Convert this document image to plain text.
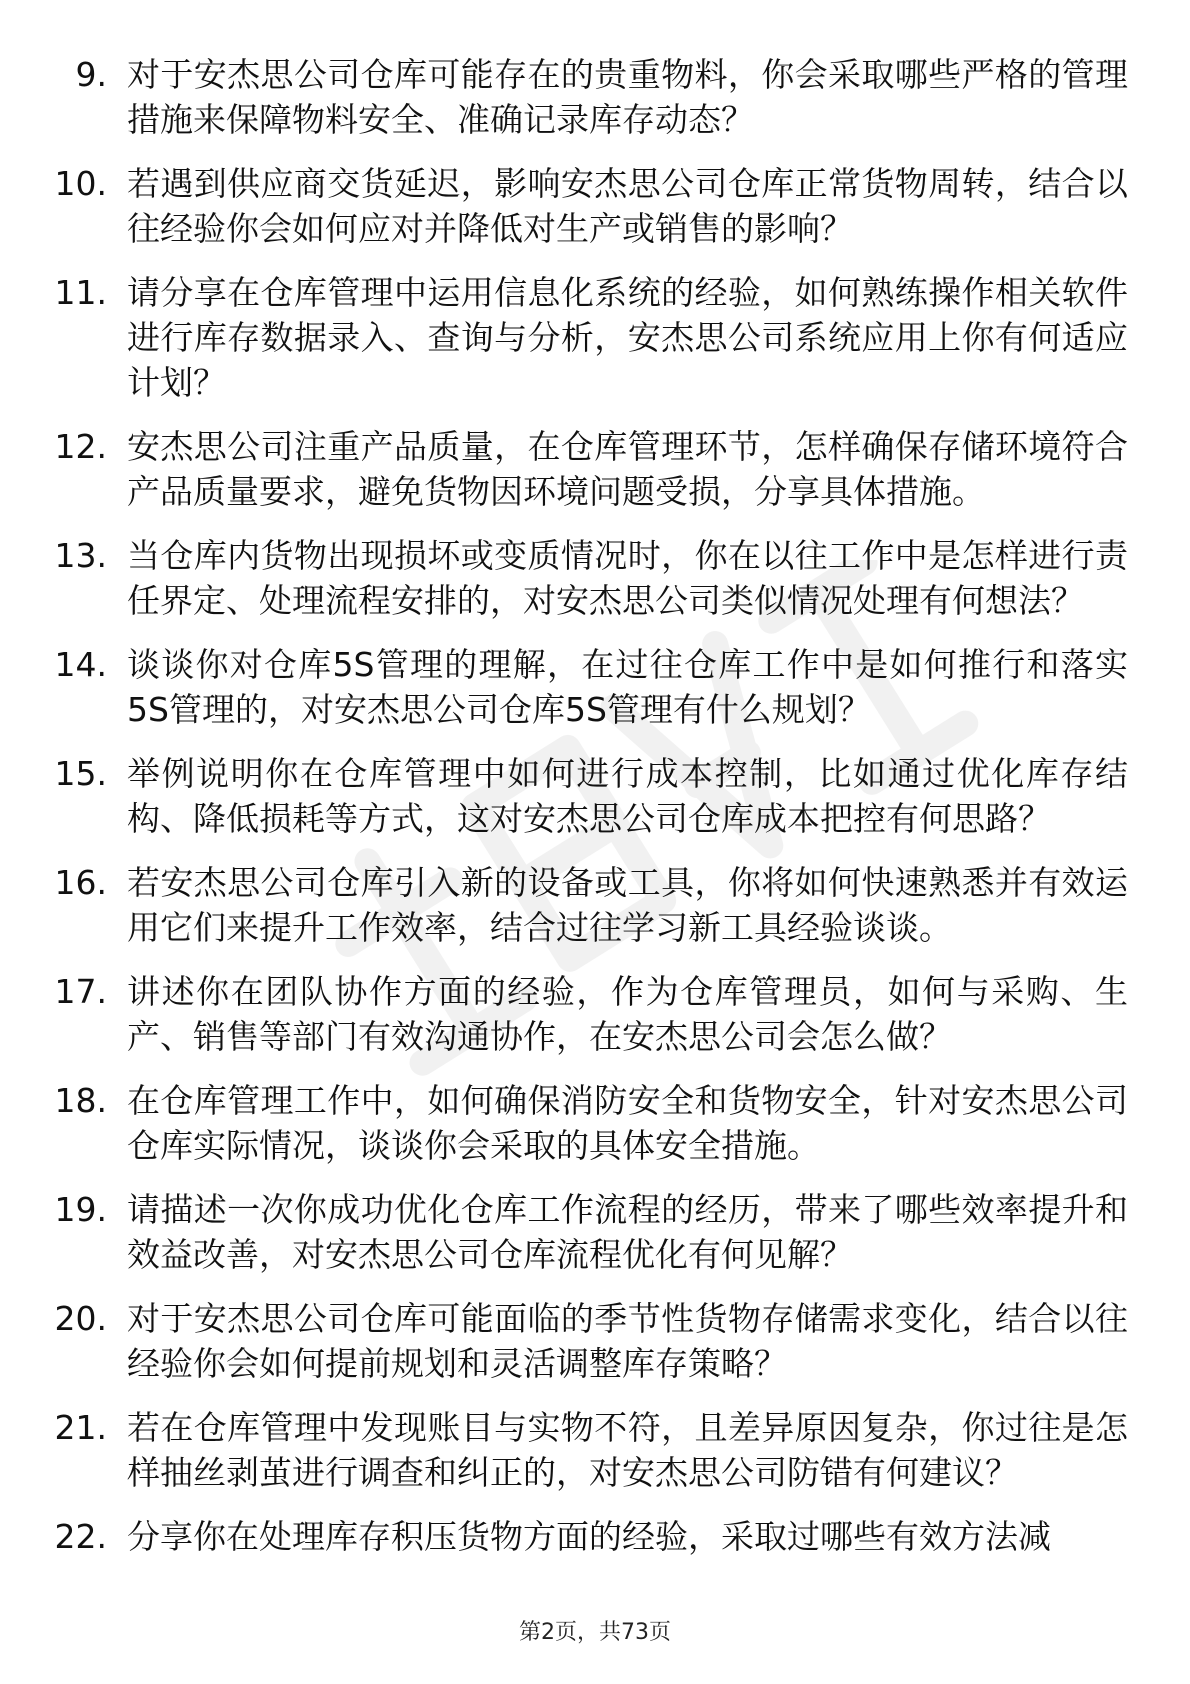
9. 对于安杰思公司仓库可能存在的贵重物料，你会采取哪些严格的管理措施来保障物料安全、准确记录库存动态？
10. 若遇到供应商交货延迟，影响安杰思公司仓库正常货物周转，结合以往经验你会如何应对并降低对生产或销售的影响？
11. 请分享在仓库管理中运用信息化系统的经验，如何熟练操作相关软件进行库存数据录入、查询与分析，安杰思公司系统应用上你有何适应计划？
12. 安杰思公司注重产品质量，在仓库管理环节，怎样确保存储环境符合产品质量要求，避免货物因环境问题受损，分享具体措施。
13. 当仓库内货物出现损坏或变质情况时，你在以往工作中是怎样进行责任界定、处理流程安排的，对安杰思公司类似情况处理有何想法？
14. 谈谈你对仓库5S管理的理解，在过往仓库工作中是如何推行和落实5S管理的，对安杰思公司仓库5S管理有什么规划？
15. 举例说明你在仓库管理中如何进行成本控制，比如通过优化库存结构、降低损耗等方式，这对安杰思公司仓库成本把控有何思路？
16. 若安杰思公司仓库引入新的设备或工具，你将如何快速熟悉并有效运用它们来提升工作效率，结合过往学习新工具经验谈谈。
17. 讲述你在团队协作方面的经验，作为仓库管理员，如何与采购、生产、销售等部门有效沟通协作，在安杰思公司会怎么做？
18. 在仓库管理工作中，如何确保消防安全和货物安全，针对安杰思公司仓库实际情况，谈谈你会采取的具体安全措施。
19. 请描述一次你成功优化仓库工作流程的经历，带来了哪些效率提升和效益改善，对安杰思公司仓库流程优化有何见解？
20. 对于安杰思公司仓库可能面临的季节性货物存储需求变化，结合以往经验你会如何提前规划和灵活调整库存策略？
21. 若在仓库管理中发现账目与实物不符，且差异原因复杂，你过往是怎样抽丝剥茧进行调查和纠正的，对安杰思公司防错有何建议？
22. 分享你在处理库存积压货物方面的经验，采取过哪些有效方法减
第2页，共73页
